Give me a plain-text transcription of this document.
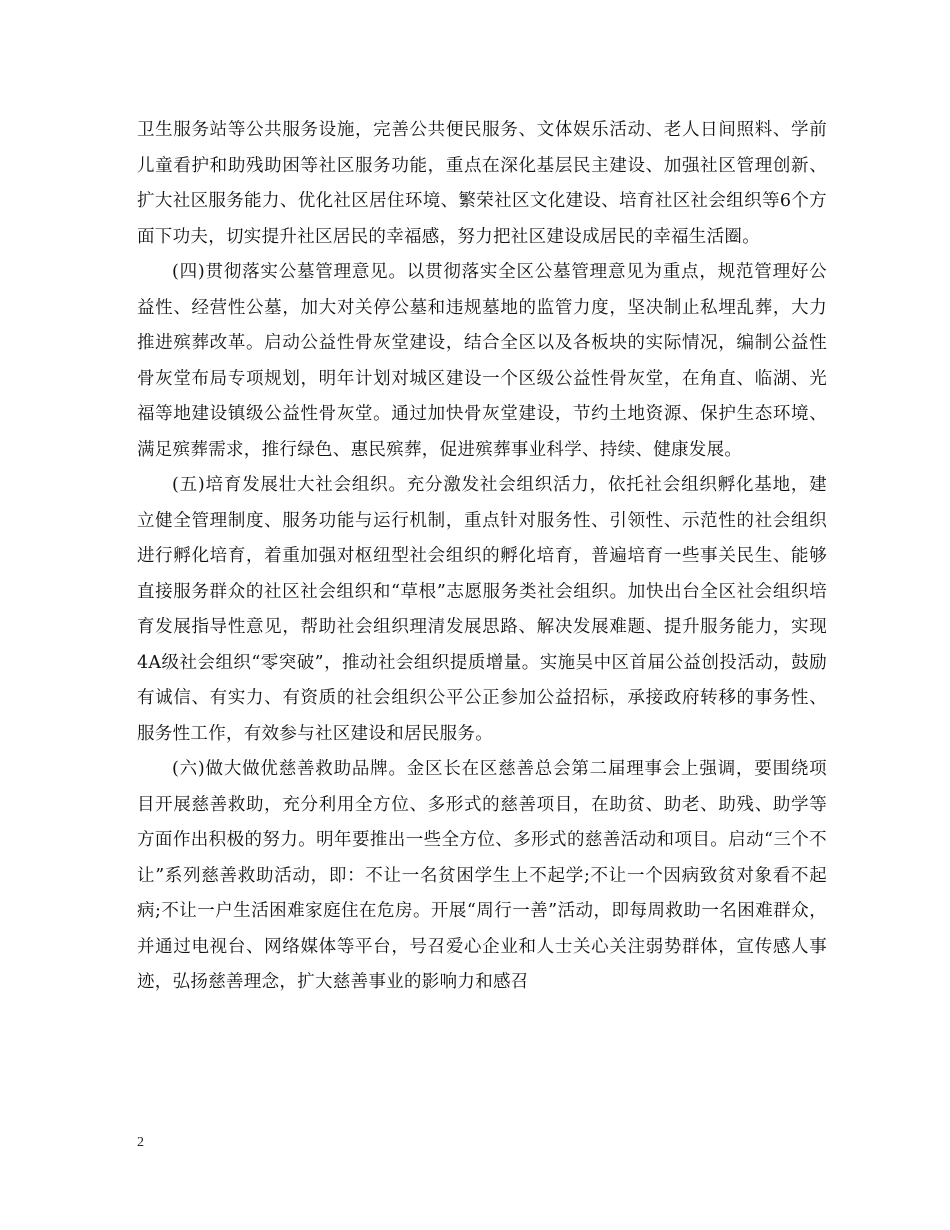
卫生服务站等公共服务设施，完善公共便民服务、文体娱乐活动、老人日间照料、学前儿童看护和助残助困等社区服务功能，重点在深化基层民主建设、加强社区管理创新、扩大社区服务能力、优化社区居住环境、繁荣社区文化建设、培育社区社会组织等6个方面下功夫，切实提升社区居民的幸福感，努力把社区建设成居民的幸福生活圈。

(四)贯彻落实公墓管理意见。以贯彻落实全区公墓管理意见为重点，规范管理好公益性、经营性公墓，加大对关停公墓和违规墓地的监管力度，坚决制止私埋乱葬，大力推进殡葬改革。启动公益性骨灰堂建设，结合全区以及各板块的实际情况，编制公益性骨灰堂布局专项规划，明年计划对城区建设一个区级公益性骨灰堂，在角直、临湖、光福等地建设镇级公益性骨灰堂。通过加快骨灰堂建设，节约土地资源、保护生态环境、满足殡葬需求，推行绿色、惠民殡葬，促进殡葬事业科学、持续、健康发展。

(五)培育发展壮大社会组织。充分激发社会组织活力，依托社会组织孵化基地，建立健全管理制度、服务功能与运行机制，重点针对服务性、引领性、示范性的社会组织进行孵化培育，着重加强对枢纽型社会组织的孵化培育，普遍培育一些事关民生、能够直接服务群众的社区社会组织和“草根”志愿服务类社会组织。加快出台全区社会组织培育发展指导性意见，帮助社会组织理清发展思路、解决发展难题、提升服务能力，实现4A级社会组织“零突破”，推动社会组织提质增量。实施吴中区首届公益创投活动，鼓励有诚信、有实力、有资质的社会组织公平公正参加公益招标，承接政府转移的事务性、服务性工作，有效参与社区建设和居民服务。

(六)做大做优慈善救助品牌。金区长在区慈善总会第二届理事会上强调，要围绕项目开展慈善救助，充分利用全方位、多形式的慈善项目，在助贫、助老、助残、助学等方面作出积极的努力。明年要推出一些全方位、多形式的慈善活动和项目。启动“三个不让”系列慈善救助活动，即：不让一名贫困学生上不起学;不让一个因病致贫对象看不起病;不让一户生活困难家庭住在危房。开展“周行一善”活动，即每周救助一名困难群众，并通过电视台、网络媒体等平台，号召爱心企业和人士关心关注弱势群体，宣传感人事迹，弘扬慈善理念，扩大慈善事业的影响力和感召

2
